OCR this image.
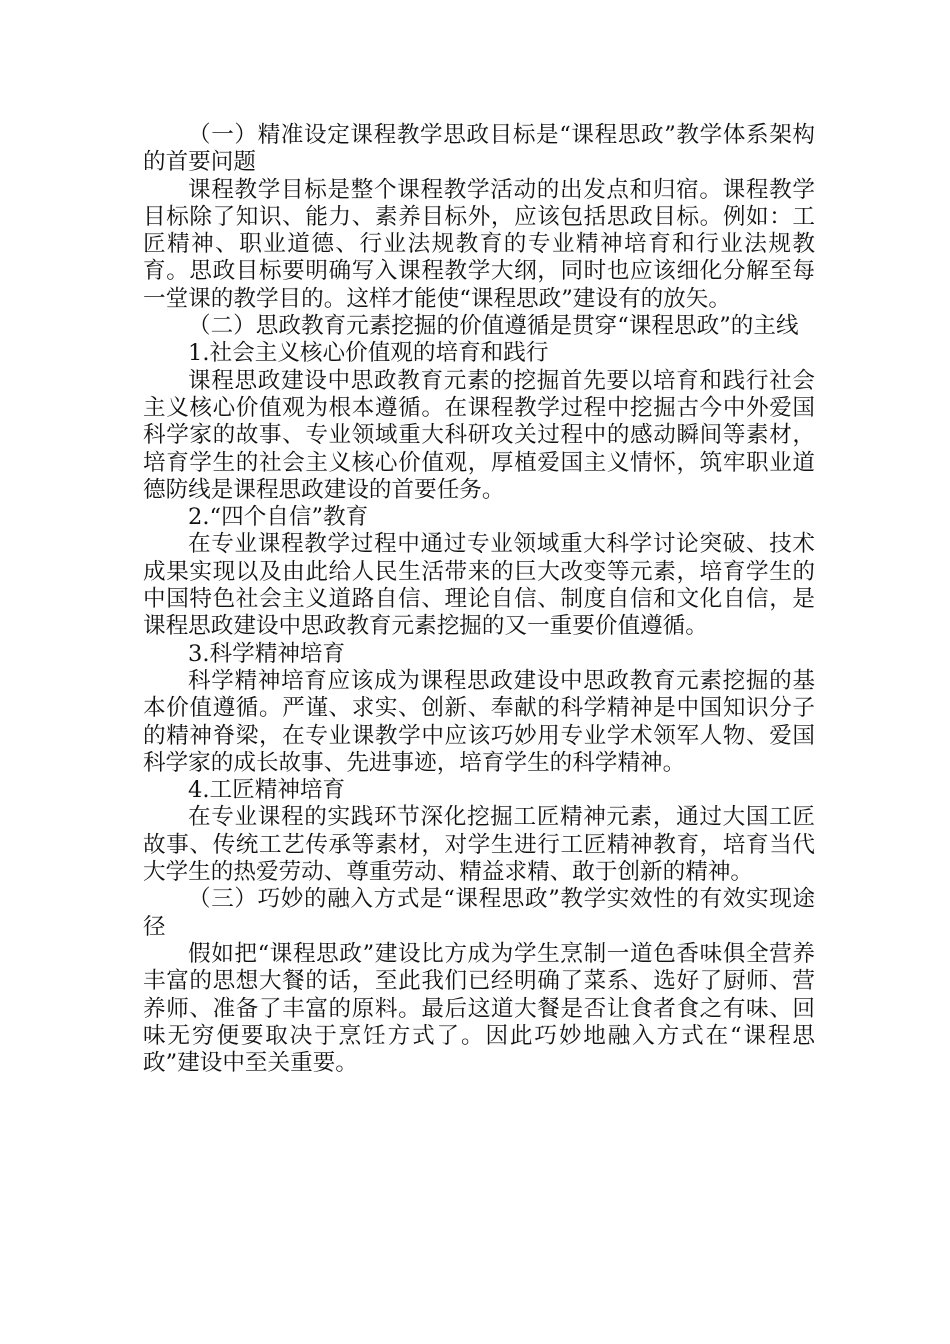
（一）精准设定课程教学思政目标是“课程思政”教学体系架构的首要问题

课程教学目标是整个课程教学活动的出发点和归宿。课程教学目标除了知识、能力、素养目标外，应该包括思政目标。例如：工匠精神、职业道德、行业法规教育的专业精神培育和行业法规教育。思政目标要明确写入课程教学大纲，同时也应该细化分解至每一堂课的教学目的。这样才能使“课程思政”建设有的放矢。

（二）思政教育元素挖掘的价值遵循是贯穿“课程思政”的主线

1.社会主义核心价值观的培育和践行

课程思政建设中思政教育元素的挖掘首先要以培育和践行社会主义核心价值观为根本遵循。在课程教学过程中挖掘古今中外爱国科学家的故事、专业领域重大科研攻关过程中的感动瞬间等素材，培育学生的社会主义核心价值观，厚植爱国主义情怀，筑牢职业道德防线是课程思政建设的首要任务。

2.“四个自信”教育

在专业课程教学过程中通过专业领域重大科学讨论突破、技术成果实现以及由此给人民生活带来的巨大改变等元素，培育学生的中国特色社会主义道路自信、理论自信、制度自信和文化自信，是课程思政建设中思政教育元素挖掘的又一重要价值遵循。

3.科学精神培育

科学精神培育应该成为课程思政建设中思政教育元素挖掘的基本价值遵循。严谨、求实、创新、奉献的科学精神是中国知识分子的精神脊梁，在专业课教学中应该巧妙用专业学术领军人物、爱国科学家的成长故事、先进事迹，培育学生的科学精神。

4.工匠精神培育

在专业课程的实践环节深化挖掘工匠精神元素，通过大国工匠故事、传统工艺传承等素材，对学生进行工匠精神教育，培育当代大学生的热爱劳动、尊重劳动、精益求精、敢于创新的精神。

（三）巧妙的融入方式是“课程思政”教学实效性的有效实现途径

假如把“课程思政”建设比方成为学生烹制一道色香味俱全营养丰富的思想大餐的话，至此我们已经明确了菜系、选好了厨师、营养师、准备了丰富的原料。最后这道大餐是否让食者食之有味、回味无穷便要取决于烹饪方式了。因此巧妙地融入方式在“课程思政”建设中至关重要。
